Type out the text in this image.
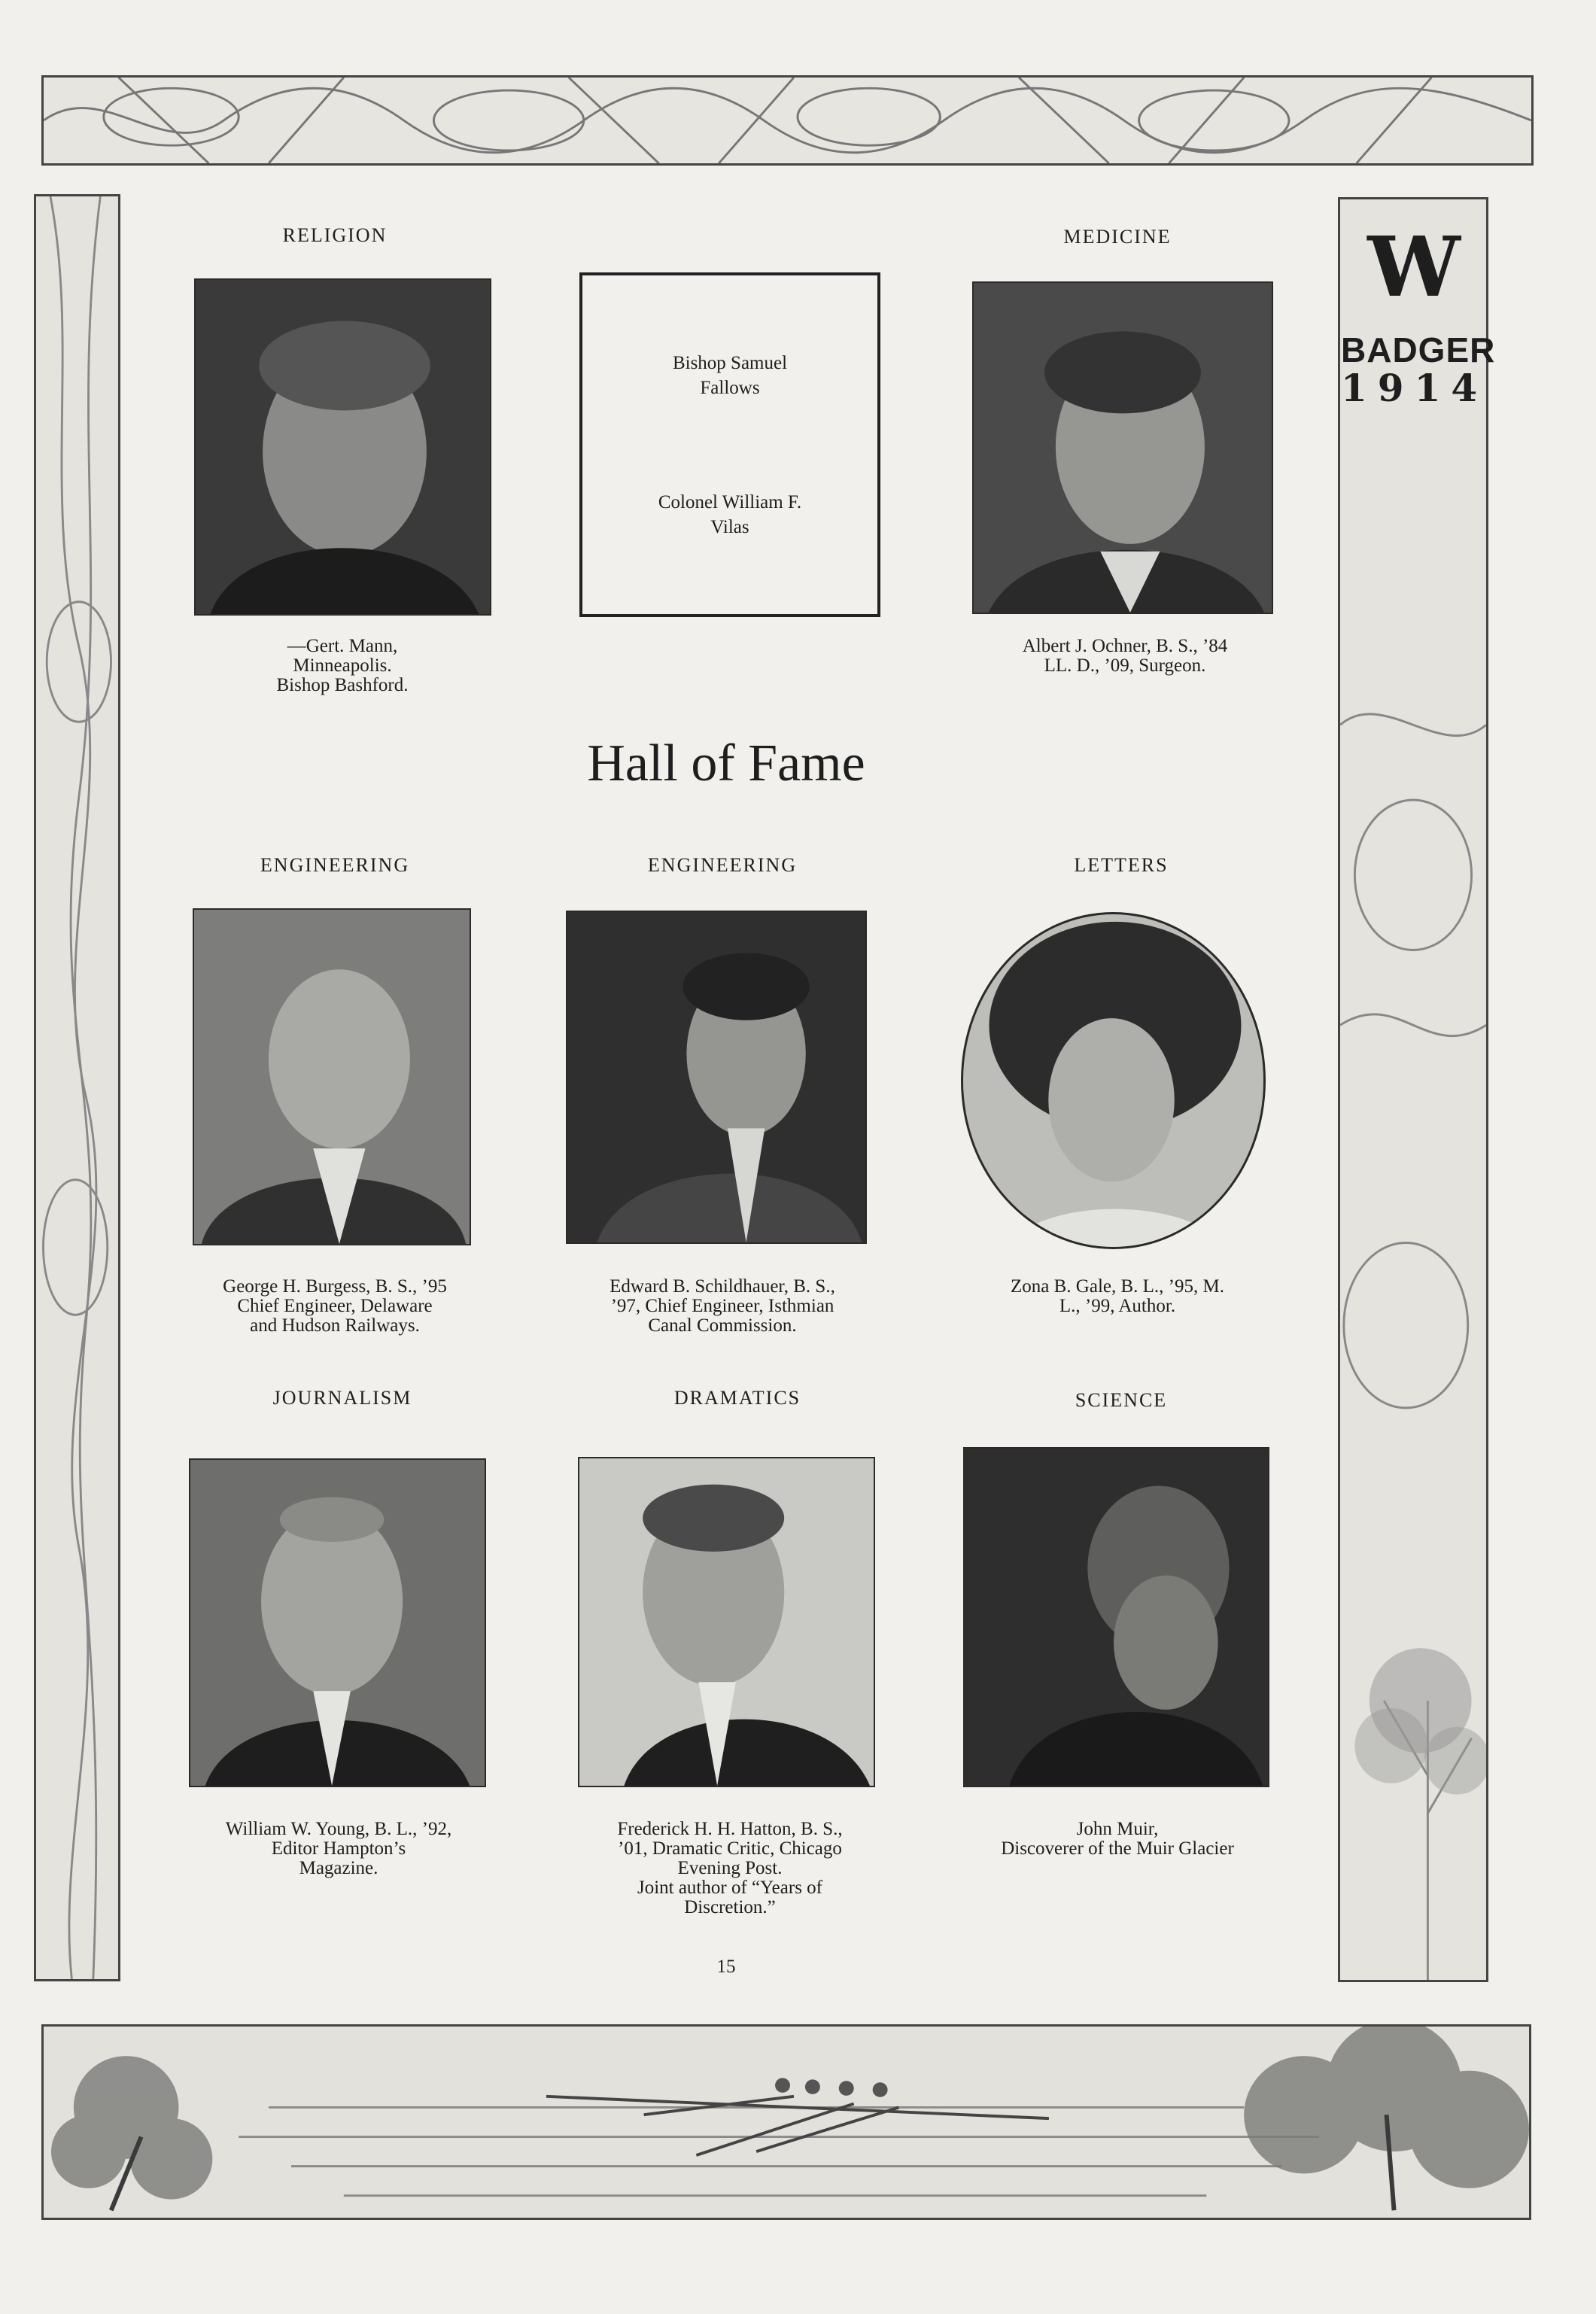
W
BADGER
1914
RELIGION
—Gert. Mann,
Minneapolis.
Bishop Bashford.
Bishop Samuel
Fallows
Colonel William F.
Vilas
MEDICINE
Albert J. Ochner, B. S., ’84
LL. D., ’09, Surgeon.
Hall of Fame
ENGINEERING
George H. Burgess, B. S., ’95
Chief Engineer, Delaware
and Hudson Railways.
ENGINEERING
Edward B. Schildhauer, B. S.,
’97, Chief Engineer, Isthmian
Canal Commission.
LETTERS
Zona B. Gale, B. L., ’95, M.
L., ’99, Author.
JOURNALISM
William W. Young, B. L., ’92,
Editor Hampton’s
Magazine.
DRAMATICS
Frederick H. H. Hatton, B. S.,
’01, Dramatic Critic, Chicago
Evening Post.
Joint author of “Years of
Discretion.”
SCIENCE
John Muir,
Discoverer of the Muir Glacier
15
